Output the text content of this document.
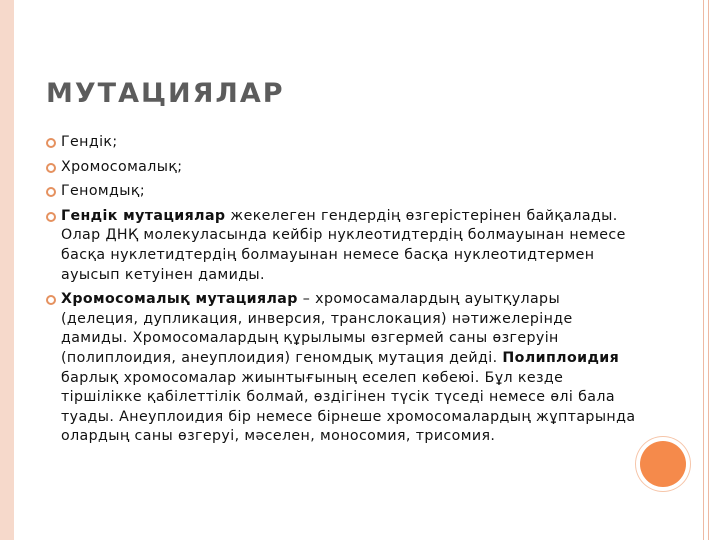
МУТАЦИЯЛАР
Гендік;
Хромосомалық;
Геномдық;
Гендік мутациялар жекелеген гендердің өзгерістерінен байқалады. Олар ДНҚ молекуласында кейбір нуклеотидтердің болмауынан немесе басқа нуклетидтердің болмауынан немесе басқа нуклеотидтермен ауысып кетуінен дамиды.
Хромосомалық мутациялар – хромосамалардың ауытқулары (делеция, дупликация, инверсия, транслокация) нәтижелерінде дамиды. Хромосомалардың құрылымы өзгермей саны өзгеруін (полиплоидия, анеуплоидия) геномдық мутация дейді. Полиплоидия барлық хромосомалар жиынтығының еселеп көбеюі. Бұл кезде тіршілікке қабілеттілік болмай, өздігінен түсік түседі немесе өлі бала туады. Анеуплоидия бір немесе бірнеше хромосомалардың жұптарында олардың саны өзгеруі, мәселен, моносомия, трисомия.
